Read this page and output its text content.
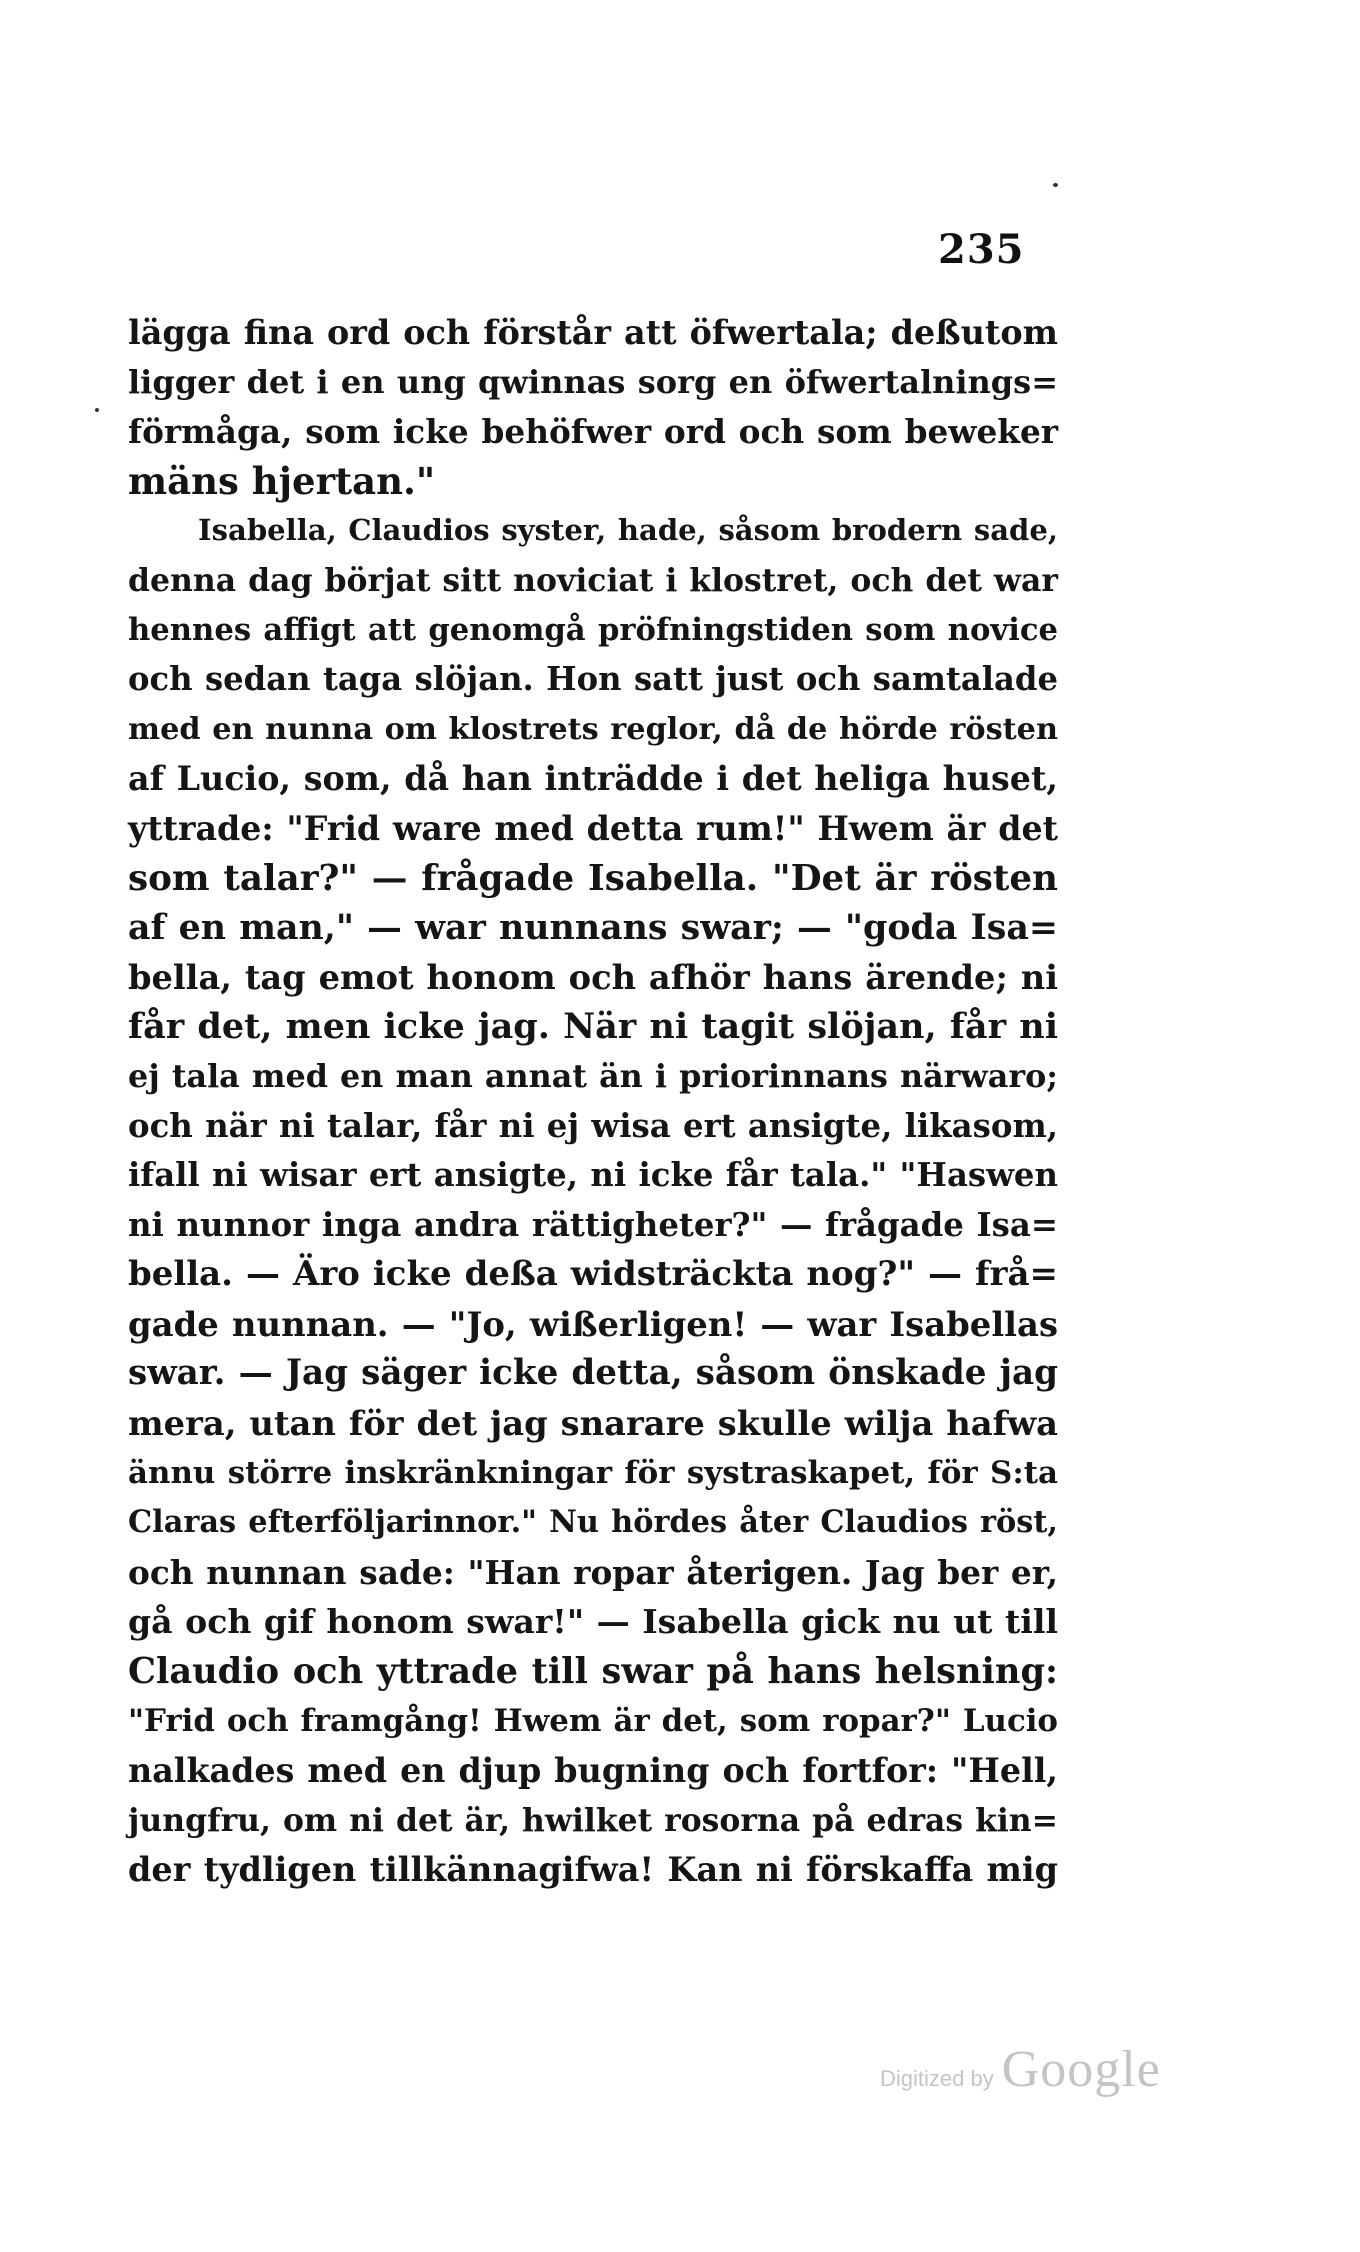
235
lägga fina ord och förstår att öfwertala; deßutom
ligger det i en ung qwinnas sorg en öfwertalnings=
förmåga, som icke behöfwer ord och som beweker
mäns hjertan."
Isabella, Claudios syster, hade, såsom brodern sade,
denna dag börjat sitt noviciat i klostret, och det war
hennes affigt att genomgå pröfningstiden som novice
och sedan taga slöjan. Hon satt just och samtalade
med en nunna om klostrets reglor, då de hörde rösten
af Lucio, som, då han inträdde i det heliga huset,
yttrade: "Frid ware med detta rum!" Hwem är det
som talar?" — frågade Isabella. "Det är rösten
af en man," — war nunnans swar; — "goda Isa=
bella, tag emot honom och afhör hans ärende; ni
får det, men icke jag. När ni tagit slöjan, får ni
ej tala med en man annat än i priorinnans närwaro;
och när ni talar, får ni ej wisa ert ansigte, likasom,
ifall ni wisar ert ansigte, ni icke får tala." "Haswen
ni nunnor inga andra rättigheter?" — frågade Isa=
bella. — Äro icke deßa widsträckta nog?" — frå=
gade nunnan. — "Jo, wißerligen! — war Isabellas
swar. — Jag säger icke detta, såsom önskade jag
mera, utan för det jag snarare skulle wilja hafwa
ännu större inskränkningar för systraskapet, för S:ta
Claras efterföljarinnor." Nu hördes åter Claudios röst,
och nunnan sade: "Han ropar återigen. Jag ber er,
gå och gif honom swar!" — Isabella gick nu ut till
Claudio och yttrade till swar på hans helsning:
"Frid och framgång! Hwem är det, som ropar?" Lucio
nalkades med en djup bugning och fortfor: "Hell,
jungfru, om ni det är, hwilket rosorna på edras kin=
der tydligen tillkännagifwa! Kan ni förskaffa mig
Digitized by Google
